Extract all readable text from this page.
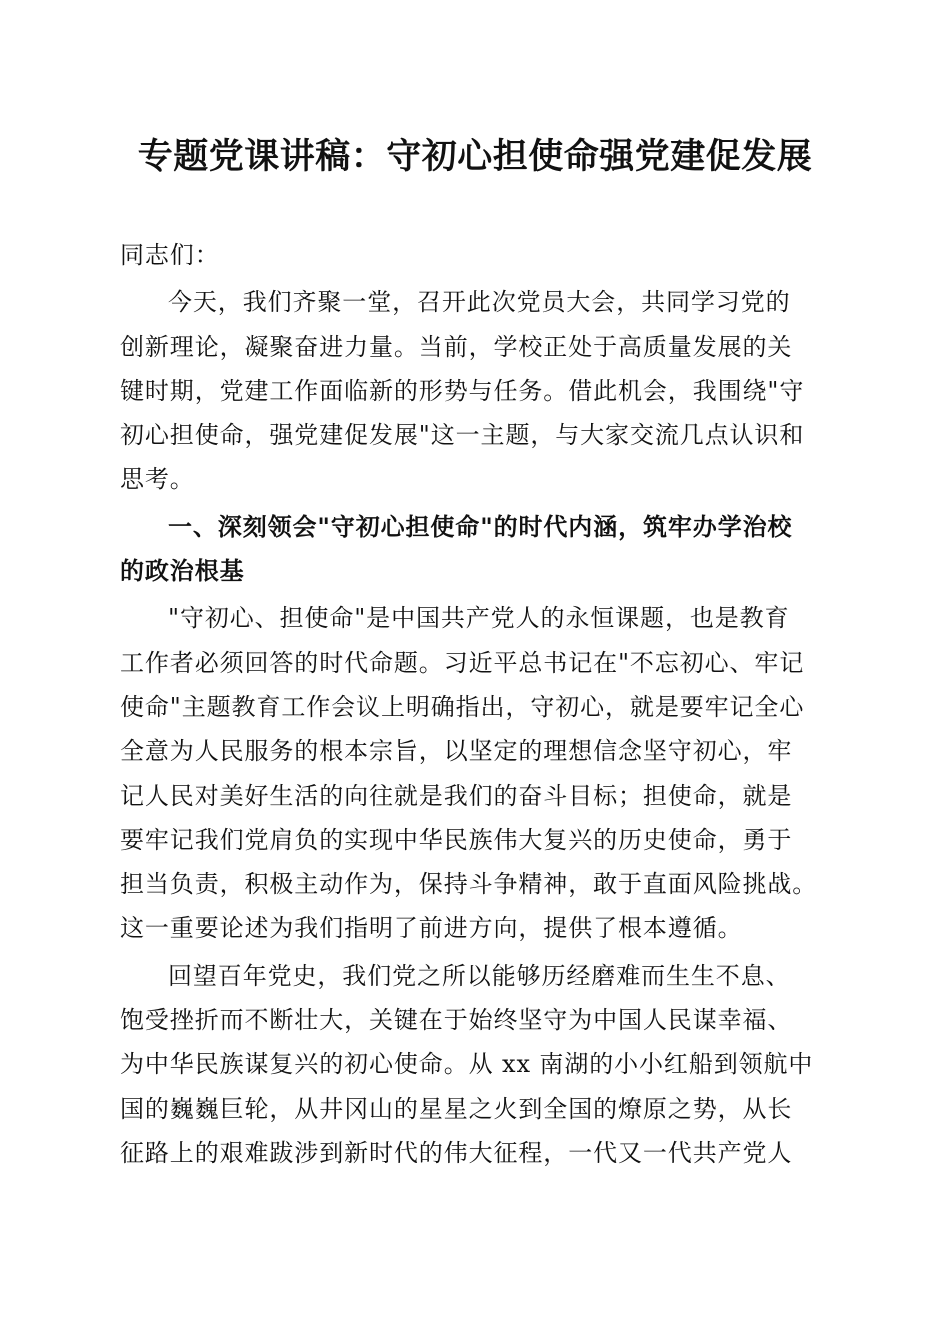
专题党课讲稿：守初心担使命强党建促发展
同志们：
今天，我们齐聚一堂，召开此次党员大会，共同学习党的
创新理论，凝聚奋进力量。当前，学校正处于高质量发展的关
键时期，党建工作面临新的形势与任务。借此机会，我围绕"守
初心担使命，强党建促发展"这一主题，与大家交流几点认识和
思考。
一、深刻领会"守初心担使命"的时代内涵，筑牢办学治校
的政治根基
"守初心、担使命"是中国共产党人的永恒课题，也是教育
工作者必须回答的时代命题。习近平总书记在"不忘初心、牢记
使命"主题教育工作会议上明确指出，守初心，就是要牢记全心
全意为人民服务的根本宗旨，以坚定的理想信念坚守初心，牢
记人民对美好生活的向往就是我们的奋斗目标；担使命，就是
要牢记我们党肩负的实现中华民族伟大复兴的历史使命，勇于
担当负责，积极主动作为，保持斗争精神，敢于直面风险挑战。
这一重要论述为我们指明了前进方向，提供了根本遵循。
回望百年党史，我们党之所以能够历经磨难而生生不息、
饱受挫折而不断壮大，关键在于始终坚守为中国人民谋幸福、
为中华民族谋复兴的初心使命。从 xx 南湖的小小红船到领航中
国的巍巍巨轮，从井冈山的星星之火到全国的燎原之势，从长
征路上的艰难跋涉到新时代的伟大征程，一代又一代共产党人
